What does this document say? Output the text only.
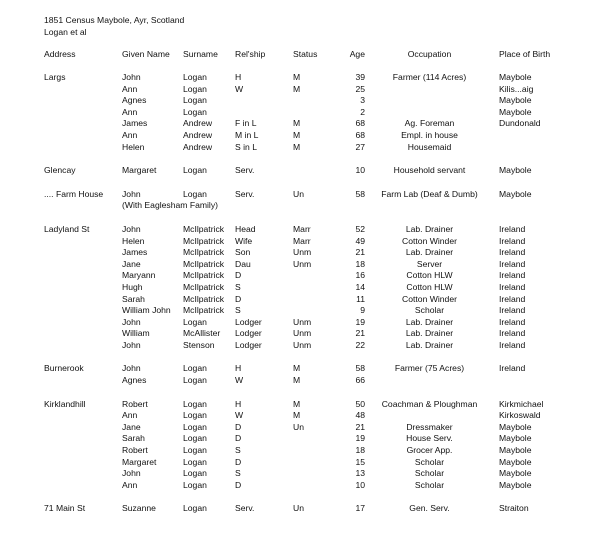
1851 Census Maybole, Ayr, Scotland
Logan et al
Address	Given Name	Surname	Rel'ship	Status	Age	Occupation	Place of Birth

Largs	John	Logan	H	M	39	Farmer (114 Acres)	Maybole
	Ann	Logan	W	M	25		Kilis...aig
	Agnes	Logan			3		Maybole
	Ann	Logan			2		Maybole
	James	Andrew	F in L	M	68	Ag. Foreman	Dundonald
	Ann	Andrew	M in L	M	68	Empl. in house	
	Helen	Andrew	S in L	M	27	Housemaid	

Glencay	Margaret	Logan	Serv.		10	Household servant	Maybole

.... Farm House	John	Logan	Serv.	Un	58	Farm Lab (Deaf & Dumb)	Maybole
	(With Eaglesham Family)						

Ladyland St	John	McIlpatrick	Head	Marr	52	Lab. Drainer	Ireland
	Helen	McIlpatrick	Wife	Marr	49	Cotton Winder	Ireland
	James	McIlpatrick	Son	Unm	21	Lab. Drainer	Ireland
	Jane	McIlpatrick	Dau	Unm	18	Server	Ireland
	Maryann	McIlpatrick	D		16	Cotton HLW	Ireland
	Hugh	McIlpatrick	S		14	Cotton HLW	Ireland
	Sarah	McIlpatrick	D		11	Cotton Winder	Ireland
	William John	McIlpatrick	S		9	Scholar	Ireland
	John	Logan	Lodger	Unm	19	Lab. Drainer	Ireland
	William	McAllister	Lodger	Unm	21	Lab. Drainer	Ireland
	John	Stenson	Lodger	Unm	22	Lab. Drainer	Ireland

Burnerook	John	Logan	H	M	58	Farmer (75 Acres)	Ireland
	Agnes	Logan	W	M	66		

Kirklandhill	Robert	Logan	H	M	50	Coachman & Ploughman	Kirkmichael
	Ann	Logan	W	M	48		Kirkoswald
	Jane	Logan	D	Un	21	Dressmaker	Maybole
	Sarah	Logan	D		19	House Serv.	Maybole
	Robert	Logan	S		18	Grocer App.	Maybole
	Margaret	Logan	D		15	Scholar	Maybole
	John	Logan	S		13	Scholar	Maybole
	Ann	Logan	D		10	Scholar	Maybole

71 Main St	Suzanne	Logan	Serv.	Un	17	Gen. Serv.	Straiton
